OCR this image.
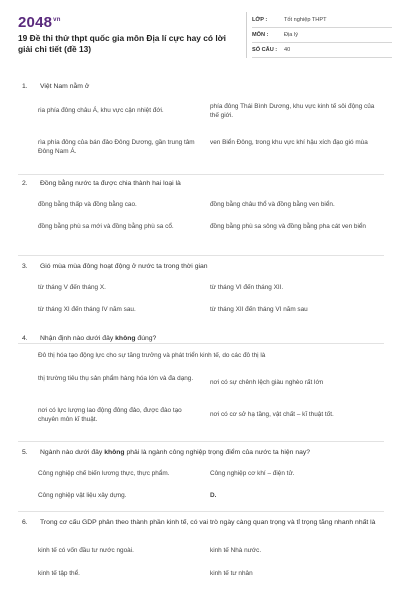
$2048^{vn}$
19 Đề thi thử thpt quốc gia môn Địa lí cực hay có lời giải chi tiết (đề 13)
LỚP :	Tốt nghiệp THPT
MÔN :	Địa lý
SỐ CÂU : 40
1. Việt Nam nằm ở
ria phía đông châu Á, khu vực cận nhiệt đới.
phía đông Thái Bình Dương, khu vực kinh tế sôi động của thế giới.
rìa phía đông của bán đảo Đông Dương, gần trung tâm Đông Nam Á.
ven Biển Đông, trong khu vực khí hậu xích đạo gió mùa
2. Đồng bằng nước ta được chia thành hai loại là
đồng bằng thấp và đồng bằng cao.	đồng bằng châu thổ và đồng bằng ven biển.
đồng bằng phù sa mới và đồng bằng phù sa cổ.	đồng bằng phù sa sông và đồng bằng pha cát ven biển
3. Gió mùa mùa đông hoạt động ở nước ta trong thời gian
từ tháng V đến tháng X.	từ tháng VI đến tháng XII.
từ tháng XI đến tháng IV năm sau.	từ tháng XII đến tháng VI năm sau
4. Nhận định nào dưới đây không đúng?
Đô thị hóa tạo động lực cho sự tăng trưởng và phát triển kinh tế, do các đô thị là
thị trường tiêu thụ sản phẩm hàng hóa lớn và đa dạng.
nơi có sự chênh lệch giàu nghèo rất lớn
nơi có lực lượng lao động đông đảo, được đào tạo chuyên môn kĩ thuật.
nơi có cơ sở hạ tầng, vật chất – kĩ thuật tốt.
5. Ngành nào dưới đây không phải là ngành công nghiệp trọng điểm của nước ta hiện nay?
Công nghiệp chế biến lương thực, thực phẩm.	Công nghiệp cơ khí – điện tử.
Công nghiệp vật liệu xây dựng.	D.
6. Trong cơ cấu GDP phân theo thành phần kinh tế, có vai trò ngày càng quan trọng và tỉ trọng tăng nhanh nhất là
kinh tế có vốn đầu tư nước ngoài.	kinh tế Nhà nước.
kinh tế tập thể.	kinh tế tư nhân
